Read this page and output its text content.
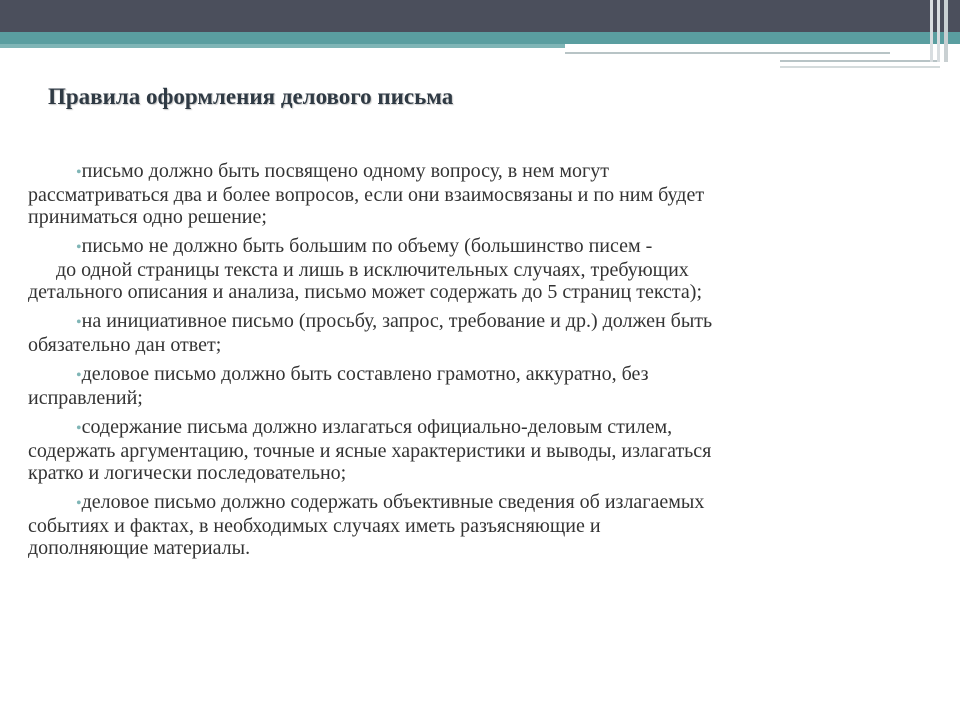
Правила оформления делового письма
•письмо должно быть посвящено одному вопросу, в нем могут
рассматриваться два и более вопросов, если они взаимосвязаны и по ним будет
приниматься одно решение;
•письмо не должно быть большим по объему (большинство писем -
до одной страницы текста и лишь в исключительных случаях, требующих
детального описания и анализа, письмо может содержать до 5 страниц текста);
•на инициативное письмо (просьбу, запрос, требование и др.) должен быть
обязательно дан ответ;
•деловое письмо должно быть составлено грамотно, аккуратно, без
исправлений;
•содержание письма должно излагаться официально-деловым стилем,
содержать аргументацию, точные и ясные характеристики и выводы, излагаться
кратко и логически последовательно;
•деловое письмо должно содержать объективные сведения об излагаемых
событиях и фактах, в необходимых случаях иметь разъясняющие и
дополняющие материалы.
